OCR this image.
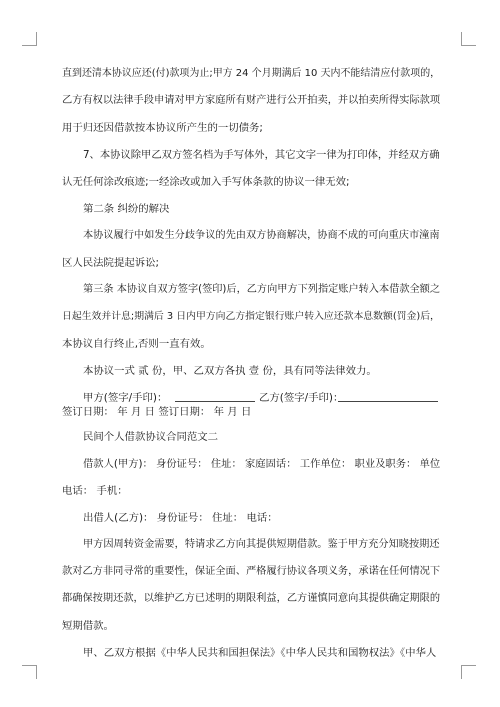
直到还清本协议应还(付)款项为止;甲方 24 个月期满后 10 天内不能结清应付款项的，
乙方有权以法律手段申请对甲方家庭所有财产进行公开拍卖，并以拍卖所得实际款项
用于归还因借款按本协议所产生的一切债务;
7、本协议除甲乙双方签名档为手写体外，其它文字一律为打印体，并经双方确
认无任何涂改痕迹;一经涂改或加入手写体条款的协议一律无效;
第二条 纠纷的解决
本协议履行中如发生分歧争议的先由双方协商解决，协商不成的可向重庆市潼南
区人民法院提起诉讼;
第三条 本协议自双方签字(签印)后，乙方向甲方下列指定账户转入本借款全额之
日起生效并计息;期满后 3 日内甲方向乙方指定银行账户转入应还款本息数额(罚金)后，
本协议自行终止,否则一直有效。
本协议一式 贰 份，甲、乙双方各执 壹 份，具有同等法律效力。
甲方(签字/手印)：	乙方(签字/手印)：
签订日期： 年 月 日 签订日期： 年 月 日
民间个人借款协议合同范文二
借款人(甲方)： 身份证号： 住址： 家庭固话： 工作单位： 职业及职务： 单位
电话： 手机：
出借人(乙方)： 身份证号： 住址： 电话：
甲方因周转资金需要，特请求乙方向其提供短期借款。鉴于甲方充分知晓按期还
款对乙方非同寻常的重要性，保证全面、严格履行协议各项义务，承诺在任何情况下
都确保按期还款，以维护乙方已述明的期限利益，乙方谨慎同意向其提供确定期限的
短期借款。
甲、乙双方根据《中华人民共和国担保法》《中华人民共和国物权法》《中华人
